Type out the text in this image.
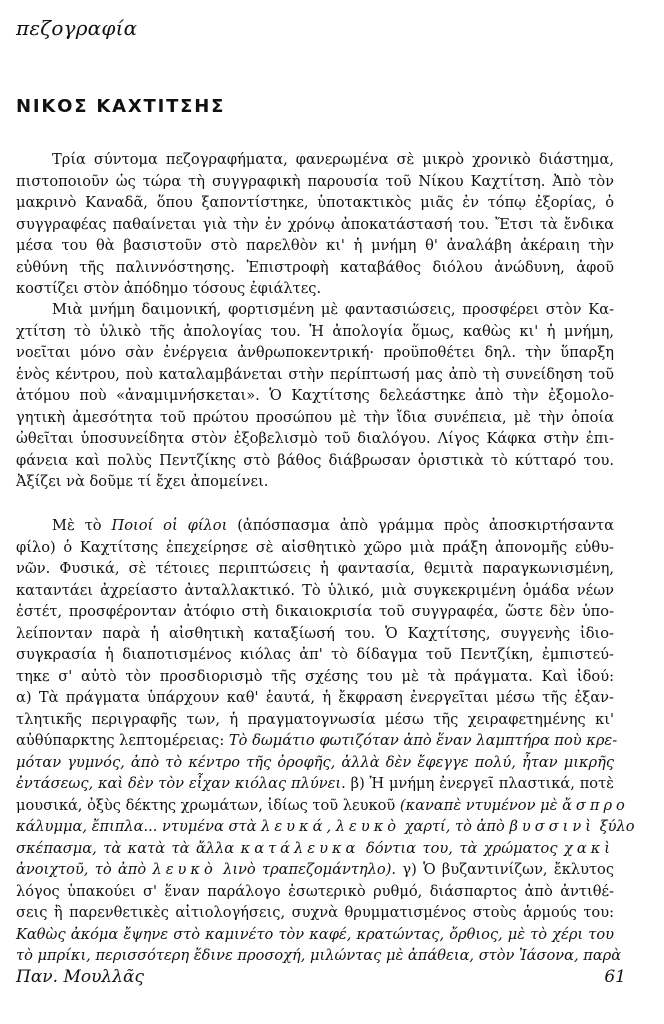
πεζογραφία
ΝΙΚΟΣ ΚΑΧΤΙΤΣΗΣ
Τρία σύντομα πεζογραφήματα, φανερωμένα σὲ μικρὸ χρονικὸ διάστημα,
πιστοποιοῦν ὡς τώρα τὴ συγγραφικὴ παρουσία τοῦ Νίκου Καχτίτση. Ἀπὸ τὸν
μακρινὸ Καναδᾶ, ὅπου ξαποντίστηκε, ὑποτακτικὸς μιᾶς ἐν τόπῳ ἐξορίας, ὁ
συγγραφέας παθαίνεται γιὰ τὴν ἐν χρόνῳ ἀποκατάστασή του. Ἔτσι τὰ ἔνδικα
μέσα του θὰ βασιστοῦν στὸ παρελθὸν κι' ἡ μνήμη θ' ἀναλάβη ἀκέραιη τὴν
εὐθύνη τῆς παλιννόστησης. Ἐπιστροφὴ καταβάθος διόλου ἀνώδυνη, ἀφοῦ
κοστίζει στὸν ἀπόδημο τόσους ἐφιάλτες.
Μιὰ μνήμη δαιμονική, φορτισμένη μὲ φαντασιώσεις, προσφέρει στὸν Κα-
χτίτση τὸ ὑλικὸ τῆς ἀπολογίας του. Ἡ ἀπολογία ὅμως, καθὼς κι' ἡ μνήμη,
νοεῖται μόνο σὰν ἐνέργεια ἀνθρωποκεντρική· προϋποθέτει δηλ. τὴν ὕπαρξη
ἑνὸς κέντρου, ποὺ καταλαμβάνεται στὴν περίπτωσή μας ἀπὸ τὴ συνείδηση τοῦ
ἀτόμου ποὺ «ἀναμιμνήσκεται». Ὁ Καχτίτσης δελεάστηκε ἀπὸ τὴν ἐξομολο-
γητικὴ ἀμεσότητα τοῦ πρώτου προσώπου μὲ τὴν ἴδια συνέπεια, μὲ τὴν ὁποία
ὠθεῖται ὑποσυνείδητα στὸν ἐξοβελισμὸ τοῦ διαλόγου. Λίγος Κάφκα στὴν ἐπι-
φάνεια καὶ πολὺς Πεντζίκης στὸ βάθος διάβρωσαν ὁριστικὰ τὸ κύτταρό του.
Ἀξίζει νὰ δοῦμε τί ἔχει ἀπομείνει.
Μὲ τὸ Ποιοί οἱ φίλοι (ἀπόσπασμα ἀπὸ γράμμα πρὸς ἀποσκιρτήσαντα
φίλο) ὁ Καχτίτσης ἐπεχείρησε σὲ αἰσθητικὸ χῶρο μιὰ πράξη ἀπονομῆς εὐθυ-
νῶν. Φυσικά, σὲ τέτοιες περιπτώσεις ἡ φαντασία, θεμιτὰ παραγκωνισμένη,
καταντάει ἀχρείαστο ἀνταλλακτικό. Τὸ ὑλικό, μιὰ συγκεκριμένη ὁμάδα νέων
ἐστέτ, προσφέρονταν ἀτόφιο στὴ δικαιοκρισία τοῦ συγγραφέα, ὥστε δὲν ὑπο-
λείπονταν παρὰ ἡ αἰσθητικὴ καταξίωσή του. Ὁ Καχτίτσης, συγγενὴς ἰδιο-
συγκρασία ἡ διαποτισμένος κιόλας ἀπ' τὸ δίδαγμα τοῦ Πεντζίκη, ἐμπιστεύ-
τηκε σ' αὐτὸ τὸν προσδιορισμὸ τῆς σχέσης του μὲ τὰ πράγματα. Καὶ ἰδού:
α) Τὰ πράγματα ὑπάρχουν καθ' ἑαυτά, ἡ ἔκφραση ἐνεργεῖται μέσω τῆς ἐξαν-
τλητικῆς περιγραφῆς των, ἡ πραγματογνωσία μέσω τῆς χειραφετημένης κι'
αὐθύπαρκτης λεπτομέρειας: Τὸ δωμάτιο φωτιζόταν ἀπὸ ἕναν λαμπτήρα ποὺ κρε-
μόταν γυμνός, ἀπὸ τὸ κέντρο τῆς ὀροφῆς, ἀλλὰ δὲν ἔφεγγε πολύ, ἦταν μικρῆς
ἐντάσεως, καὶ δὲν τὸν εἶχαν κιόλας πλύνει. β) Ἡ μνήμη ἐνεργεῖ πλαστικά, ποτὲ
μουσικά, ὀξὺς δέκτης χρωμάτων, ἰδίως τοῦ λευκοῦ (καναπὲ ντυμένον μὲ ἄσπρο
κάλυμμα, ἔπιπλα... ντυμένα στὰ λευκά, λευκὸ χαρτί, τὸ ἀπὸ βυσσινὶ ξύλο
σκέπασμα, τὰ κατὰ τὰ ἄλλα κατάλευκα δόντια του, τὰ χρώματος χακὶ
ἀνοιχτοῦ, τὸ ἀπὸ λευκὸ λινὸ τραπεζομάντηλο). γ) Ὁ βυζαντινίζων, ἔκλυτος
λόγος ὑπακούει σ' ἕναν παράλογο ἐσωτερικὸ ρυθμό, διάσπαρτος ἀπὸ ἀντιθέ-
σεις ἢ παρενθετικὲς αἰτιολογήσεις, συχνὰ θρυμματισμένος στοὺς ἁρμούς του:
Καθὼς ἀκόμα ἔψηνε στὸ καμινέτο τὸν καφέ, κρατώντας, ὄρθιος, μὲ τὸ χέρι του
τὸ μπρίκι, περισσότερη ἔδινε προσοχή, μιλώντας μὲ ἀπάθεια, στὸν Ἰάσονα, παρὰ
Παν. Μουλλᾶς	61
